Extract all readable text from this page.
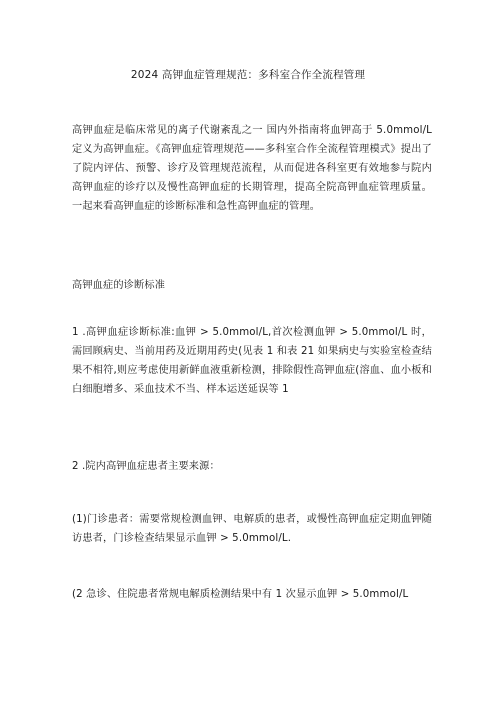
2024 高钾血症管理规范：多科室合作全流程管理
高钾血症是临床常见的离子代谢紊乱之一 国内外指南将血钾高于 5.0mmol/L 定义为高钾血症。《高钾血症管理规范——多科室合作全流程管理模式》提出了了院内评估、预警、诊疗及管理规范流程，从而促进各科室更有效地参与院内高钾血症的诊疗以及慢性高钾血症的长期管理，提高全院高钾血症管理质量。一起来看高钾血症的诊断标准和急性高钾血症的管理。
高钾血症的诊断标准
1 .高钾血症诊断标准:血钾 > 5.0mmol/L,首次检测血钾 > 5.0mmol/L 时，需回顾病史、当前用药及近期用药史(见表 1 和表 21 如果病史与实验室检查结果不相符,则应考虑使用新鲜血液重新检测，排除假性高钾血症(溶血、血小板和白细胞增多、采血技术不当、样本运送延误等 1
2 .院内高钾血症患者主要来源：
(1)门诊患者：需要常规检测血钾、电解质的患者，或慢性高钾血症定期血钾随访患者，门诊检查结果显示血钾 > 5.0mmol/L.
(2 急诊、住院患者常规电解质检测结果中有 1 次显示血钾 > 5.0mmol/L
